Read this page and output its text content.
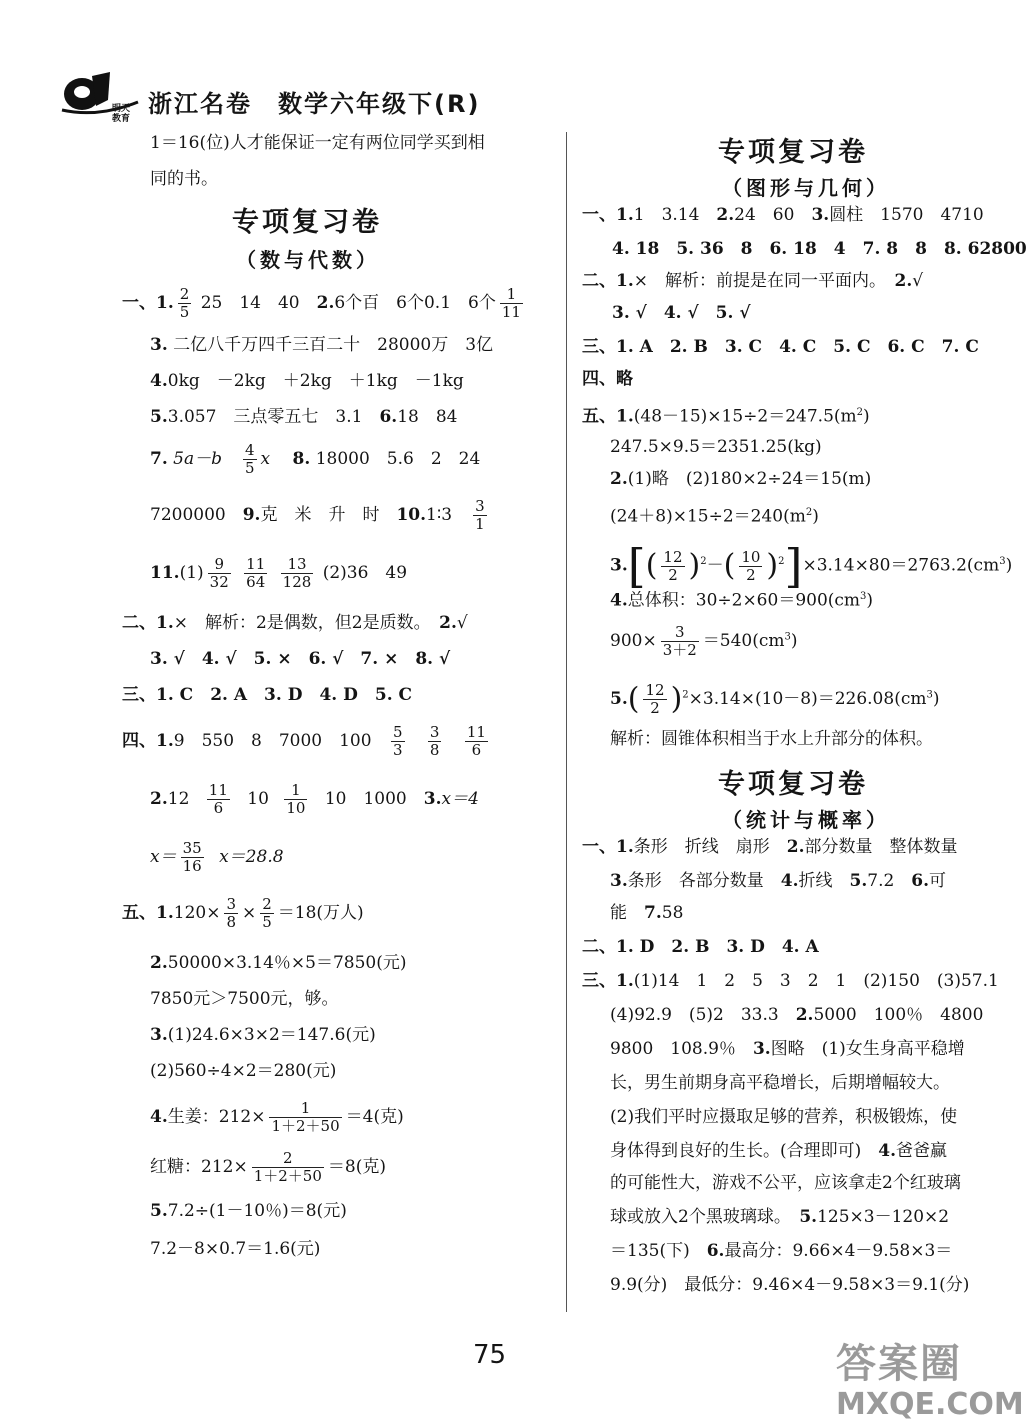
明天 教育
浙江名卷　数学六年级下(R)
1＝16(位)人才能保证一定有两位同学买到相
同的书。
专项复习卷
（数与代数）
一、1. $\frac{2}{5} 25$　14　40　2.6个百　6个0.1　6个 $\frac{1}{11}$
3. 二亿八千万四千三百二十　28000万　3亿
4.0kg　－2kg　＋2kg　＋1kg　－1kg
5.3.057　三点零五七　3.1　6.18　84
7. 5a－b　 $\frac{4}{5}$ x　 8. 18000　5.6　2　24
7200000　9.克　米　升　时　10.1∶3　 $\frac{3}{1}$
$11.(1) \frac{9}{32}$
$\frac{11}{64}$
$\frac{13}{128} (2)36$　49
二、1.×　解析：2是偶数，但2是质数。　2.√
3. √　4. √　5. ×　6. √　7. ×　8. √
三、1. C　2. A　3. D　4. D　5. C
四、1.9　550　8　7000　$100 \frac{5}{3}$
$\frac{3}{8}$
$\frac{11}{6}$
$2.12 \frac{11}{6} 10 \frac{1}{10} 10$　1000　3.x＝4
$x= \frac{35}{16} x=28.8$
五、$1.120\times \frac{3}{8} \times \frac{2}{5} =18$(万人)
2.50000×3.14％×5＝7850(元)
7850元＞7500元，够。
3.(1)24.6×3×2＝147.6(元)
(2)560÷4×2＝280(元)
4.生姜：$212\times \frac{1}{1+2+50} =4$(克)
红糖：$212\times \frac{2}{1+2+50} =8$(克)
5.7.2÷(1－10％)＝8(元)
7.2－8×0.7＝1.6(元)
专项复习卷
（图形与几何）
一、1.1　3.14　2.24　60　3.圆柱　1570　4710
4. 18　5. 36　8　6. 18　4　7. 8　8　8. 62800
二、1.×　解析：前提是在同一平面内。　2.√
3. √　4. √　5. √
三、1. A　2. B　3. C　4. C　5. C　6. C　7. C
四、略
五、$1.(48-15)\times 15\div 2=247.5(m^2)$
247.5×9.5＝2351.25(kg)
2.(1)略　(2)180×2÷24＝15(m)
$(24+8)\times 15\div 2=240(m^2)$
$3.[( \frac{12}{2} )^2-( \frac{10}{2} )^2]\times 3.14\times 80=2763.2(cm^3)$
4.总体积：$30\div 2\times 60=900(cm^3)$
$900\times \frac{3}{3+2} =540(cm^3)$
$5.( \frac{12}{2} )^2\times 3.14\times(10-8)=226.08(cm^3)$
解析：圆锥体积相当于水上升部分的体积。
专项复习卷
（统计与概率）
一、1.条形　折线　扇形　2.部分数量　整体数量
3.条形　各部分数量　4.折线　5.7.2　6.可
能　7.58
二、1. D　2. B　3. D　4. A
三、1.(1)14　1　2　5　3　2　1　(2)150　(3)57.1
(4)92.9　(5)2　33.3　2.5000　100％　4800
9800　108.9％　3.图略　(1)女生身高平稳增
长，男生前期身高平稳增长，后期增幅较大。
(2)我们平时应摄取足够的营养，积极锻炼，使
身体得到良好的生长。(合理即可)　4.爸爸赢
的可能性大，游戏不公平，应该拿走2个红玻璃
球或放入2个黑玻璃球。　5.125×3－120×2
＝135(下)　6.最高分：9.66×4－9.58×3＝
9.9(分)　最低分：9.46×4－9.58×3＝9.1(分)
75	答案圈
MXQE.COM
